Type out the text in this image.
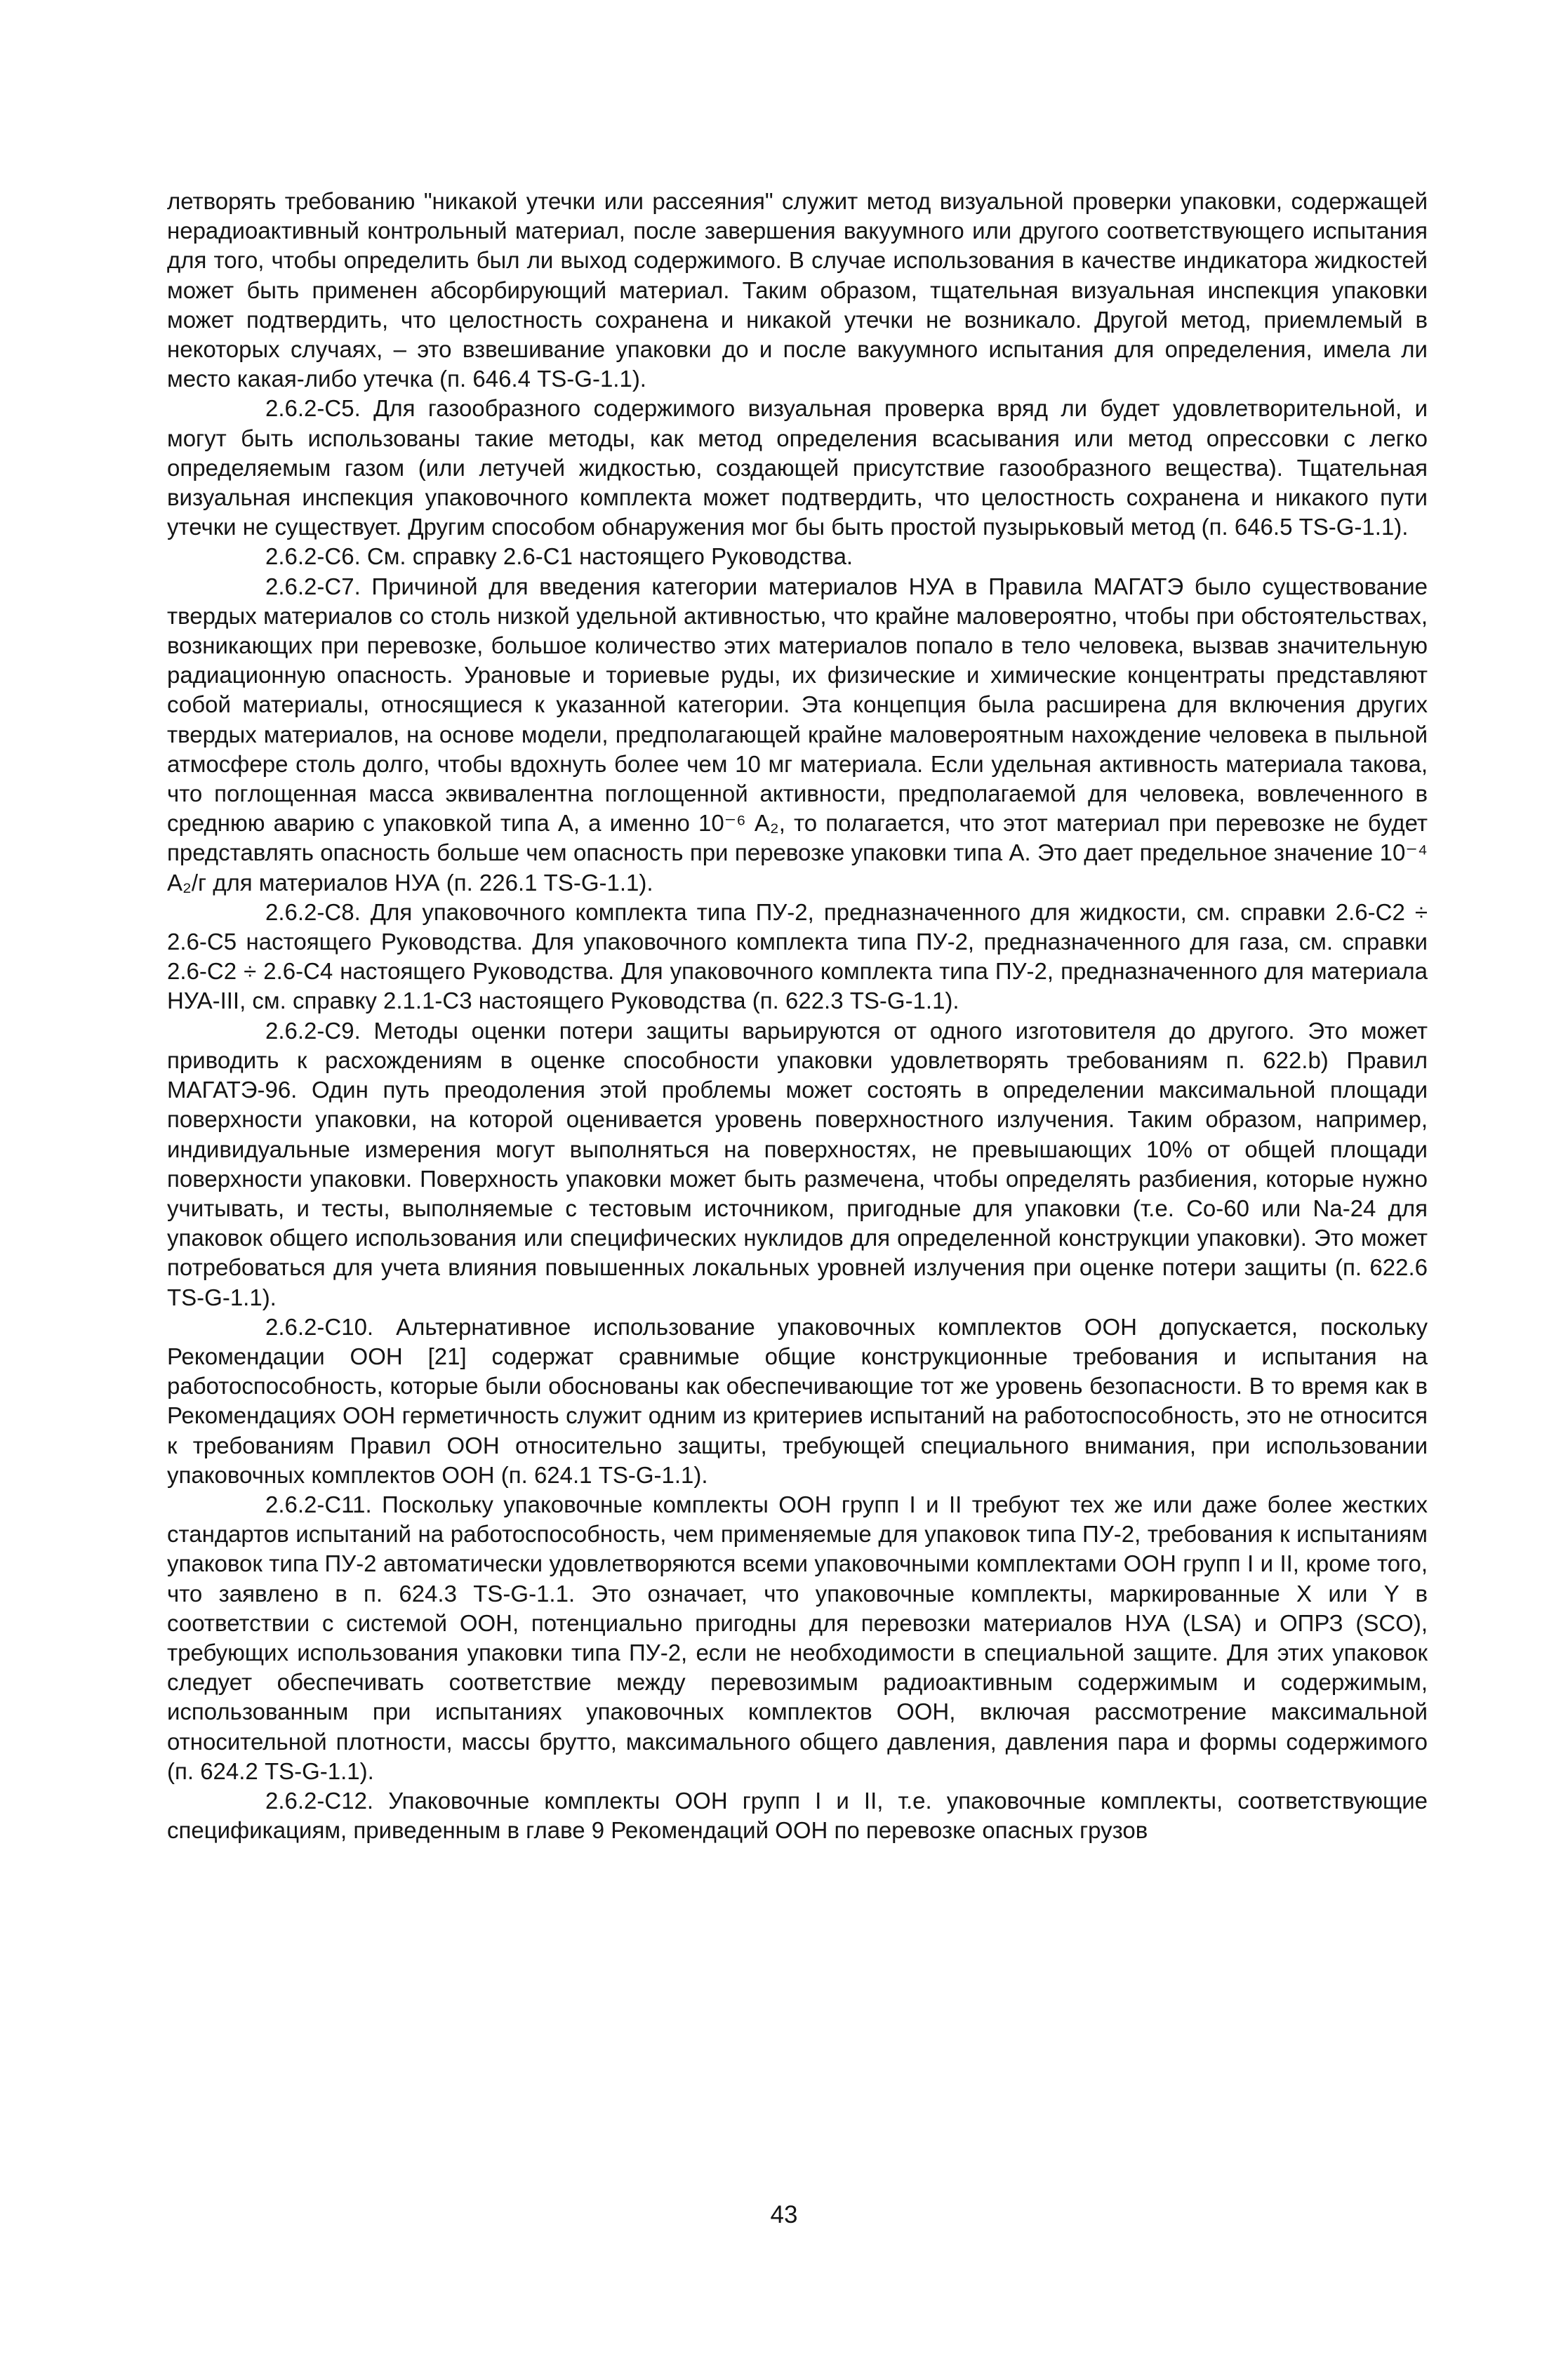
летворять требованию "никакой утечки или рассеяния" служит метод визуальной проверки упаковки, содержащей нерадиоактивный контрольный материал, после завершения вакуумного или другого соответствующего испытания для того, чтобы определить был ли выход содержимого. В случае использования в качестве индикатора жидкостей может быть применен абсорбирующий материал. Таким образом, тщательная визуальная инспекция упаковки может подтвердить, что целостность сохранена и никакой утечки не возникало. Другой метод, приемлемый в некоторых случаях, – это взвешивание упаковки до и после вакуумного испытания для определения, имела ли место какая-либо утечка (п. 646.4 TS-G-1.1).

2.6.2-С5. Для газообразного содержимого визуальная проверка вряд ли будет удовлетворительной, и могут быть использованы такие методы, как метод определения всасывания или метод опрессовки с легко определяемым газом (или летучей жидкостью, создающей присутствие газообразного вещества). Тщательная визуальная инспекция упаковочного комплекта может подтвердить, что целостность сохранена и никакого пути утечки не существует. Другим способом обнаружения мог бы быть простой пузырьковый метод (п. 646.5 TS-G-1.1).

2.6.2-С6. См. справку 2.6-С1 настоящего Руководства.

2.6.2-С7. Причиной для введения категории материалов НУА в Правила МАГАТЭ было существование твердых материалов со столь низкой удельной активностью, что крайне маловероятно, чтобы при обстоятельствах, возникающих при перевозке, большое количество этих материалов попало в тело человека, вызвав значительную радиационную опасность. Урановые и ториевые руды, их физические и химические концентраты представляют собой материалы, относящиеся к указанной категории. Эта концепция была расширена для включения других твердых материалов, на основе модели, предполагающей крайне маловероятным нахождение человека в пыльной атмосфере столь долго, чтобы вдохнуть более чем 10 мг материала. Если удельная активность материала такова, что поглощенная масса эквивалентна поглощенной активности, предполагаемой для человека, вовлеченного в среднюю аварию с упаковкой типа А, а именно 10⁻⁶ A₂, то полагается, что этот материал при перевозке не будет представлять опасность больше чем опасность при перевозке упаковки типа А. Это дает предельное значение 10⁻⁴ A₂/г для материалов НУА (п. 226.1 TS-G-1.1).

2.6.2-С8. Для упаковочного комплекта типа ПУ-2, предназначенного для жидкости, см. справки 2.6-С2 ÷ 2.6-С5 настоящего Руководства. Для упаковочного комплекта типа ПУ-2, предназначенного для газа, см. справки 2.6-С2 ÷ 2.6-С4 настоящего Руководства. Для упаковочного комплекта типа ПУ-2, предназначенного для материала НУА-III, см. справку 2.1.1-С3 настоящего Руководства (п. 622.3 TS-G-1.1).

2.6.2-С9. Методы оценки потери защиты варьируются от одного изготовителя до другого. Это может приводить к расхождениям в оценке способности упаковки удовлетворять требованиям п. 622.b) Правил МАГАТЭ-96. Один путь преодоления этой проблемы может состоять в определении максимальной площади поверхности упаковки, на которой оценивается уровень поверхностного излучения. Таким образом, например, индивидуальные измерения могут выполняться на поверхностях, не превышающих 10% от общей площади поверхности упаковки. Поверхность упаковки может быть размечена, чтобы определять разбиения, которые нужно учитывать, и тесты, выполняемые с тестовым источником, пригодные для упаковки (т.е. Со-60 или Na-24 для упаковок общего использования или специфических нуклидов для определенной конструкции упаковки). Это может потребоваться для учета влияния повышенных локальных уровней излучения при оценке потери защиты (п. 622.6 TS-G-1.1).

2.6.2-С10. Альтернативное использование упаковочных комплектов ООН допускается, поскольку Рекомендации ООН [21] содержат сравнимые общие конструкционные требования и испытания на работоспособность, которые были обоснованы как обеспечивающие тот же уровень безопасности. В то время как в Рекомендациях ООН герметичность служит одним из критериев испытаний на работоспособность, это не относится к требованиям Правил ООН относительно защиты, требующей специального внимания, при использовании упаковочных комплектов ООН (п. 624.1 TS-G-1.1).

2.6.2-С11. Поскольку упаковочные комплекты ООН групп I и II требуют тех же или даже более жестких стандартов испытаний на работоспособность, чем применяемые для упаковок типа ПУ-2, требования к испытаниям упаковок типа ПУ-2 автоматически удовлетворяются всеми упаковочными комплектами ООН групп I и II, кроме того, что заявлено в п. 624.3 TS-G-1.1. Это означает, что упаковочные комплекты, маркированные X или Y в соответствии с системой ООН, потенциально пригодны для перевозки материалов НУА (LSA) и ОПРЗ (SCO), требующих использования упаковки типа ПУ-2, если не необходимости в специальной защите. Для этих упаковок следует обеспечивать соответствие между перевозимым радиоактивным содержимым и содержимым, использованным при испытаниях упаковочных комплектов ООН, включая рассмотрение максимальной относительной плотности, массы брутто, максимального общего давления, давления пара и формы содержимого (п. 624.2 TS-G-1.1).

2.6.2-С12. Упаковочные комплекты ООН групп I и II, т.е. упаковочные комплекты, соответствующие спецификациям, приведенным в главе 9 Рекомендаций ООН по перевозке опасных грузов

43
